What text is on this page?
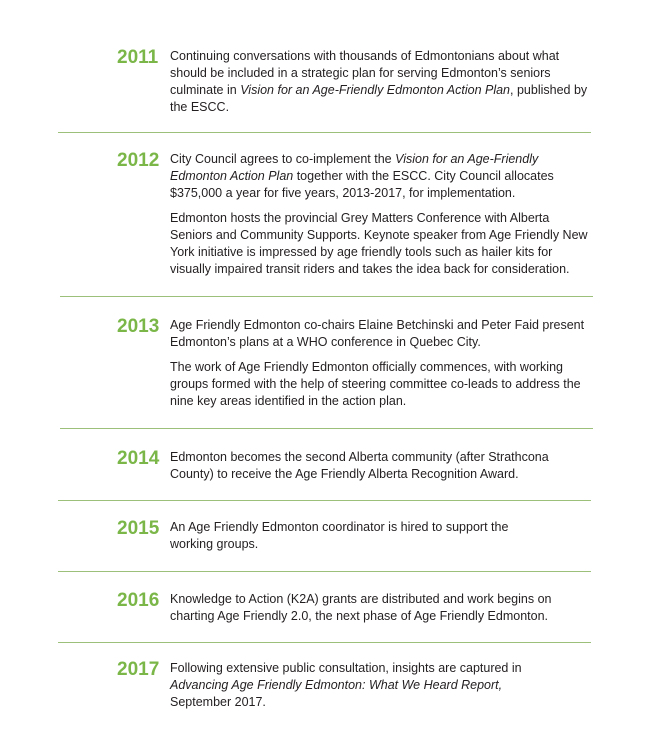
2011 Continuing conversations with thousands of Edmontonians about what should be included in a strategic plan for serving Edmonton’s seniors culminate in Vision for an Age-Friendly Edmonton Action Plan, published by the ESCC.

2012 City Council agrees to co-implement the Vision for an Age-Friendly Edmonton Action Plan together with the ESCC. City Council allocates $375,000 a year for five years, 2013-2017, for implementation.

Edmonton hosts the provincial Grey Matters Conference with Alberta Seniors and Community Supports. Keynote speaker from Age Friendly New York initiative is impressed by age friendly tools such as hailer kits for visually impaired transit riders and takes the idea back for consideration.

2013 Age Friendly Edmonton co-chairs Elaine Betchinski and Peter Faid present Edmonton’s plans at a WHO conference in Quebec City.

The work of Age Friendly Edmonton officially commences, with working groups formed with the help of steering committee co-leads to address the nine key areas identified in the action plan.

2014 Edmonton becomes the second Alberta community (after Strathcona County) to receive the Age Friendly Alberta Recognition Award.

2015 An Age Friendly Edmonton coordinator is hired to support the working groups.

2016 Knowledge to Action (K2A) grants are distributed and work begins on charting Age Friendly 2.0, the next phase of Age Friendly Edmonton.

2017 Following extensive public consultation, insights are captured in Advancing Age Friendly Edmonton: What We Heard Report, September 2017.
